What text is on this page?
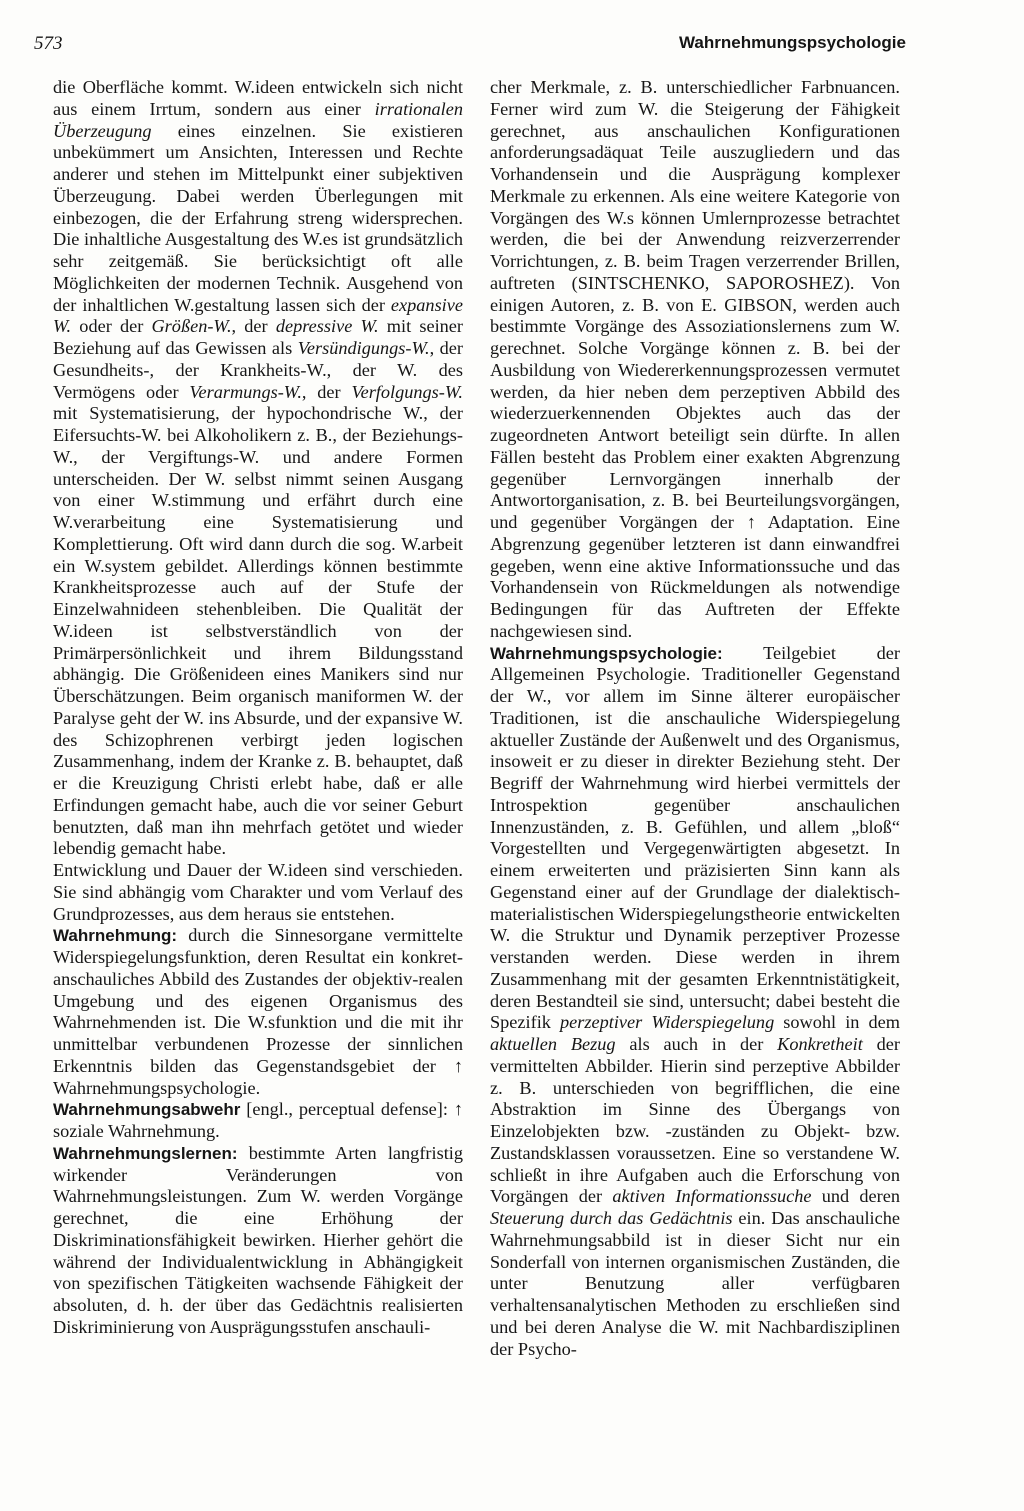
573	Wahrnehmungspsychologie

die Oberfläche kommt. W.ideen entwickeln sich nicht aus einem Irrtum, sondern aus einer irrationalen Überzeugung eines einzelnen. Sie existieren unbekümmert um Ansichten, Interessen und Rechte anderer und stehen im Mittelpunkt einer subjektiven Überzeugung. Dabei werden Überlegungen mit einbezogen, die der Erfahrung streng widersprechen. Die inhaltliche Ausgestaltung des W.es ist grundsätzlich sehr zeitgemäß. Sie berücksichtigt oft alle Möglichkeiten der modernen Technik. Ausgehend von der inhaltlichen W.gestaltung lassen sich der expansive W. oder der Größen-W., der depressive W. mit seiner Beziehung auf das Gewissen als Versündigungs-W., der Gesundheits-, der Krankheits-W., der W. des Vermögens oder Verarmungs-W., der Verfolgungs-W. mit Systematisierung, der hypochondrische W., der Eifersuchts-W. bei Alkoholikern z. B., der Beziehungs-W., der Vergiftungs-W. und andere Formen unterscheiden. Der W. selbst nimmt seinen Ausgang von einer W.stimmung und erfährt durch eine W.verarbeitung eine Systematisierung und Komplettierung. Oft wird dann durch die sog. W.arbeit ein W.system gebildet. Allerdings können bestimmte Krankheitsprozesse auch auf der Stufe der Einzelwahnideen stehenbleiben. Die Qualität der W.ideen ist selbstverständlich von der Primärpersönlichkeit und ihrem Bildungsstand abhängig. Die Größenideen eines Manikers sind nur Überschätzungen. Beim organisch maniformen W. der Paralyse geht der W. ins Absurde, und der expansive W. des Schizophrenen verbirgt jeden logischen Zusammenhang, indem der Kranke z. B. behauptet, daß er die Kreuzigung Christi erlebt habe, daß er alle Erfindungen gemacht habe, auch die vor seiner Geburt benutzten, daß man ihn mehrfach getötet und wieder lebendig gemacht habe.

Entwicklung und Dauer der W.ideen sind verschieden. Sie sind abhängig vom Charakter und vom Verlauf des Grundprozesses, aus dem heraus sie entstehen.

Wahrnehmung: durch die Sinnesorgane vermittelte Widerspiegelungsfunktion, deren Resultat ein konkret-anschauliches Abbild des Zustandes der objektiv-realen Umgebung und des eigenen Organismus des Wahrnehmenden ist. Die W.sfunktion und die mit ihr unmittelbar verbundenen Prozesse der sinnlichen Erkenntnis bilden das Gegenstandsgebiet der ↑ Wahrnehmungspsychologie.

Wahrnehmungsabwehr [engl., perceptual defense]: ↑ soziale Wahrnehmung.

Wahrnehmungslernen: bestimmte Arten langfristig wirkender Veränderungen von Wahrnehmungsleistungen. Zum W. werden Vorgänge gerechnet, die eine Erhöhung der Diskriminationsfähigkeit bewirken. Hierher gehört die während der Individualentwicklung in Abhängigkeit von spezifischen Tätigkeiten wachsende Fähigkeit der absoluten, d. h. der über das Gedächtnis realisierten Diskriminierung von Ausprägungsstufen anschauli-

cher Merkmale, z. B. unterschiedlicher Farbnuancen. Ferner wird zum W. die Steigerung der Fähigkeit gerechnet, aus anschaulichen Konfigurationen anforderungsadäquat Teile auszugliedern und das Vorhandensein und die Ausprägung komplexer Merkmale zu erkennen. Als eine weitere Kategorie von Vorgängen des W.s können Umlernprozesse betrachtet werden, die bei der Anwendung reizverzerrender Vorrichtungen, z. B. beim Tragen verzerrender Brillen, auftreten (SINTSCHENKO, SAPOROSHEZ). Von einigen Autoren, z. B. von E. GIBSON, werden auch bestimmte Vorgänge des Assoziationslernens zum W. gerechnet. Solche Vorgänge können z. B. bei der Ausbildung von Wiedererkennungsprozessen vermutet werden, da hier neben dem perzeptiven Abbild des wiederzuerkennenden Objektes auch das der zugeordneten Antwort beteiligt sein dürfte. In allen Fällen besteht das Problem einer exakten Abgrenzung gegenüber Lernvorgängen innerhalb der Antwortorganisation, z. B. bei Beurteilungsvorgängen, und gegenüber Vorgängen der ↑ Adaptation. Eine Abgrenzung gegenüber letzteren ist dann einwandfrei gegeben, wenn eine aktive Informationssuche und das Vorhandensein von Rückmeldungen als notwendige Bedingungen für das Auftreten der Effekte nachgewiesen sind.

Wahrnehmungspsychologie: Teilgebiet der Allgemeinen Psychologie. Traditioneller Gegenstand der W., vor allem im Sinne älterer europäischer Traditionen, ist die anschauliche Widerspiegelung aktueller Zustände der Außenwelt und des Organismus, insoweit er zu dieser in direkter Beziehung steht. Der Begriff der Wahrnehmung wird hierbei vermittels der Introspektion gegenüber anschaulichen Innenzuständen, z. B. Gefühlen, und allem „bloß“ Vorgestellten und Vergegenwärtigten abgesetzt. In einem erweiterten und präzisierten Sinn kann als Gegenstand einer auf der Grundlage der dialektisch-materialistischen Widerspiegelungstheorie entwickelten W. die Struktur und Dynamik perzeptiver Prozesse verstanden werden. Diese werden in ihrem Zusammenhang mit der gesamten Erkenntnistätigkeit, deren Bestandteil sie sind, untersucht; dabei besteht die Spezifik perzeptiver Widerspiegelung sowohl in dem aktuellen Bezug als auch in der Konkretheit der vermittelten Abbilder. Hierin sind perzeptive Abbilder z. B. unterschieden von begrifflichen, die eine Abstraktion im Sinne des Übergangs von Einzelobjekten bzw. -zuständen zu Objekt- bzw. Zustandsklassen voraussetzen. Eine so verstandene W. schließt in ihre Aufgaben auch die Erforschung von Vorgängen der aktiven Informationssuche und deren Steuerung durch das Gedächtnis ein. Das anschauliche Wahrnehmungsabbild ist in dieser Sicht nur ein Sonderfall von internen organismischen Zuständen, die unter Benutzung aller verfügbaren verhaltensanalytischen Methoden zu erschließen sind und bei deren Analyse die W. mit Nachbardisziplinen der Psycho-
